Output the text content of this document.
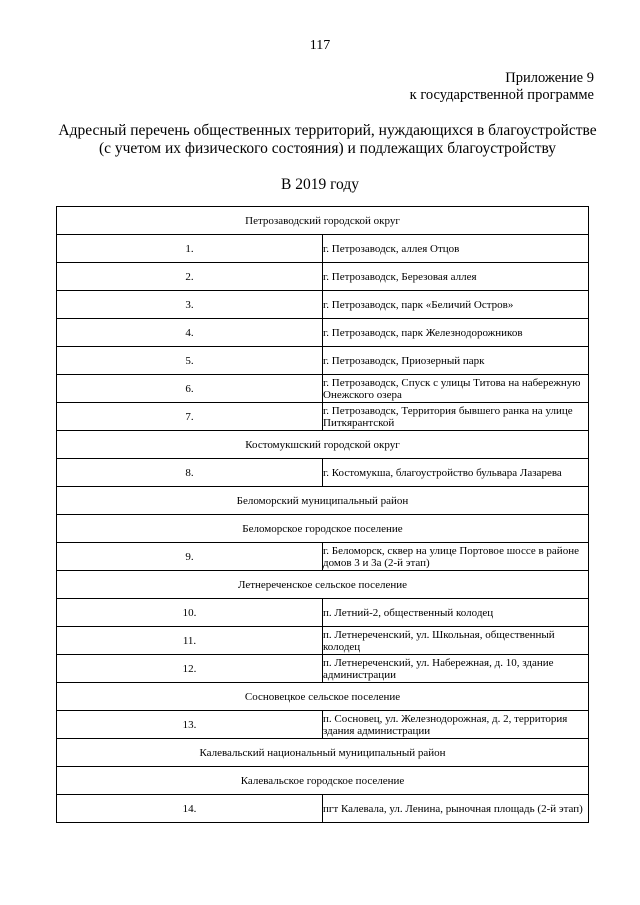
117
Приложение 9
к государственной программе
Адресный перечень общественных территорий, нуждающихся в благоустройстве
(с учетом их физического состояния) и подлежащих благоустройству
В 2019 году
Петрозаводский городской округ	
1.	г. Петрозаводск, аллея Отцов
2.	г. Петрозаводск, Березовая аллея
3.	г. Петрозаводск, парк «Беличий Остров»
4.	г. Петрозаводск, парк Железнодорожников
5.	г. Петрозаводск, Приозерный парк
6.	г. Петрозаводск, Спуск с улицы Титова на набережную Онежского озера
7.	г. Петрозаводск, Территория бывшего ранка на улице Питкярантской
Костомукшский городской округ	
8.	г. Костомукша, благоустройство бульвара Лазарева
Беломорский муниципальный район	
Беломорское городское поселение	
9.	г. Беломорск, сквер на улице Портовое шоссе в районе домов 3 и 3а (2-й этап)
Летнереченское сельское поселение	
10.	п. Летний-2, общественный колодец
11.	п. Летнереченский, ул. Школьная, общественный колодец
12.	п. Летнереченский, ул. Набережная, д. 10, здание администрации
Сосновецкое сельское поселение	
13.	п. Сосновец, ул. Железнодорожная, д. 2, территория здания администрации
Калевальский национальный муниципальный район	
Калевальское городское поселение	
14.	пгт Калевала, ул. Ленина, рыночная площадь (2-й этап)
